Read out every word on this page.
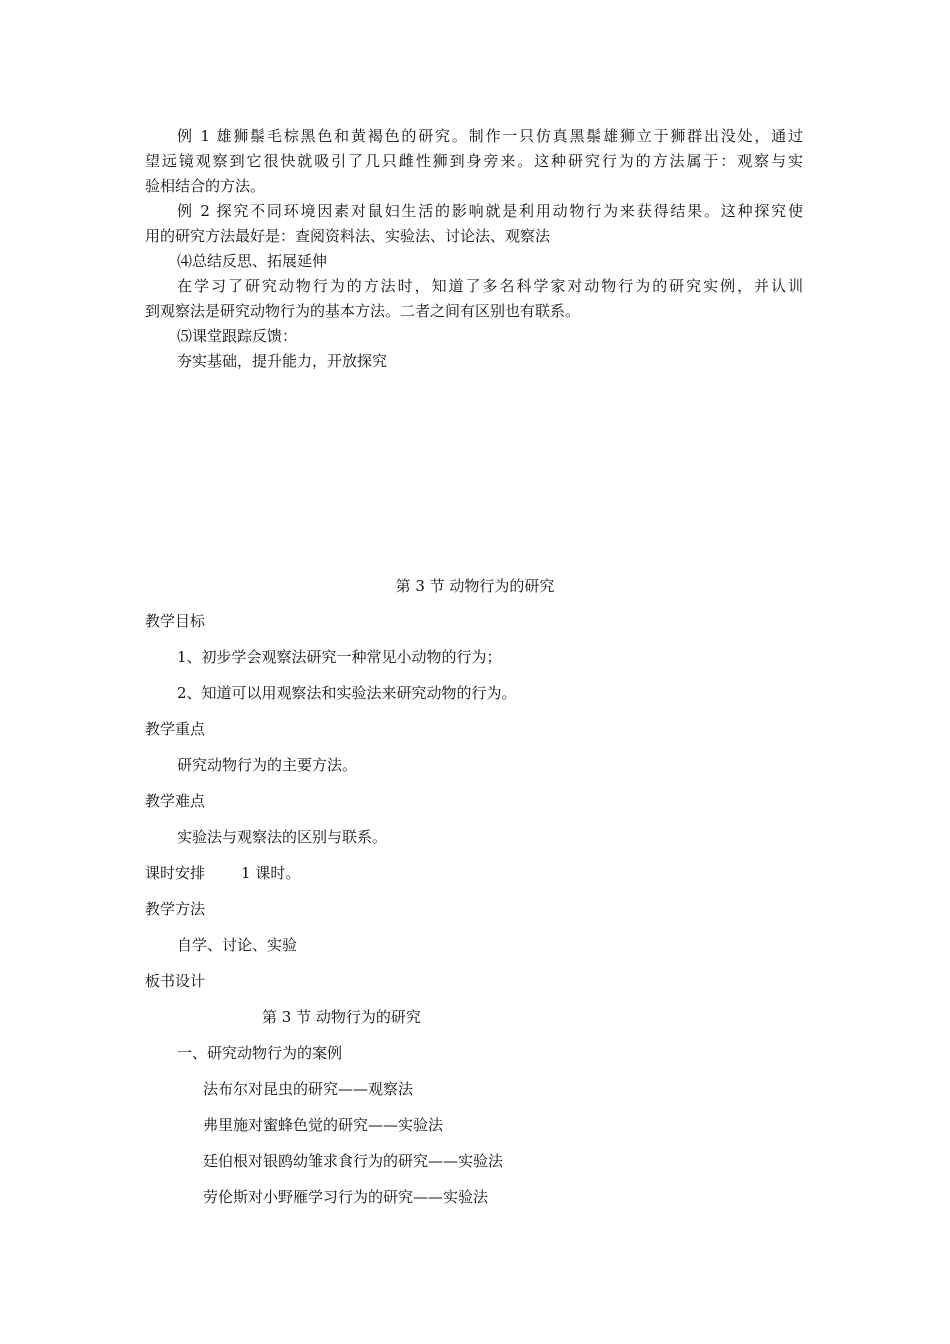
例 1 雄狮鬃毛棕黑色和黄褐色的研究。制作一只仿真黑鬃雄狮立于狮群出没处，通过
望远镜观察到它很快就吸引了几只雌性狮到身旁来。这种研究行为的方法属于：观察与实
验相结合的方法。
例 2 探究不同环境因素对鼠妇生活的影响就是利用动物行为来获得结果。这种探究使
用的研究方法最好是：查阅资料法、实验法、讨论法、观察法
⑷总结反思、拓展延伸
在学习了研究动物行为的方法时，知道了多名科学家对动物行为的研究实例，并认训
到观察法是研究动物行为的基本方法。二者之间有区别也有联系。
⑸课堂跟踪反馈：
夯实基础，提升能力，开放探究
第 3 节 动物行为的研究
教学目标
1、初步学会观察法研究一种常见小动物的行为；
2、知道可以用观察法和实验法来研究动物的行为。
教学重点
研究动物行为的主要方法。
教学难点
实验法与观察法的区别与联系。
课时安排 1 课时。
教学方法
自学、讨论、实验
板书设计
第 3 节 动物行为的研究
一、研究动物行为的案例
法布尔对昆虫的研究——观察法
弗里施对蜜蜂色觉的研究——实验法
廷伯根对银鸥幼雏求食行为的研究——实验法
劳伦斯对小野雁学习行为的研究——实验法
